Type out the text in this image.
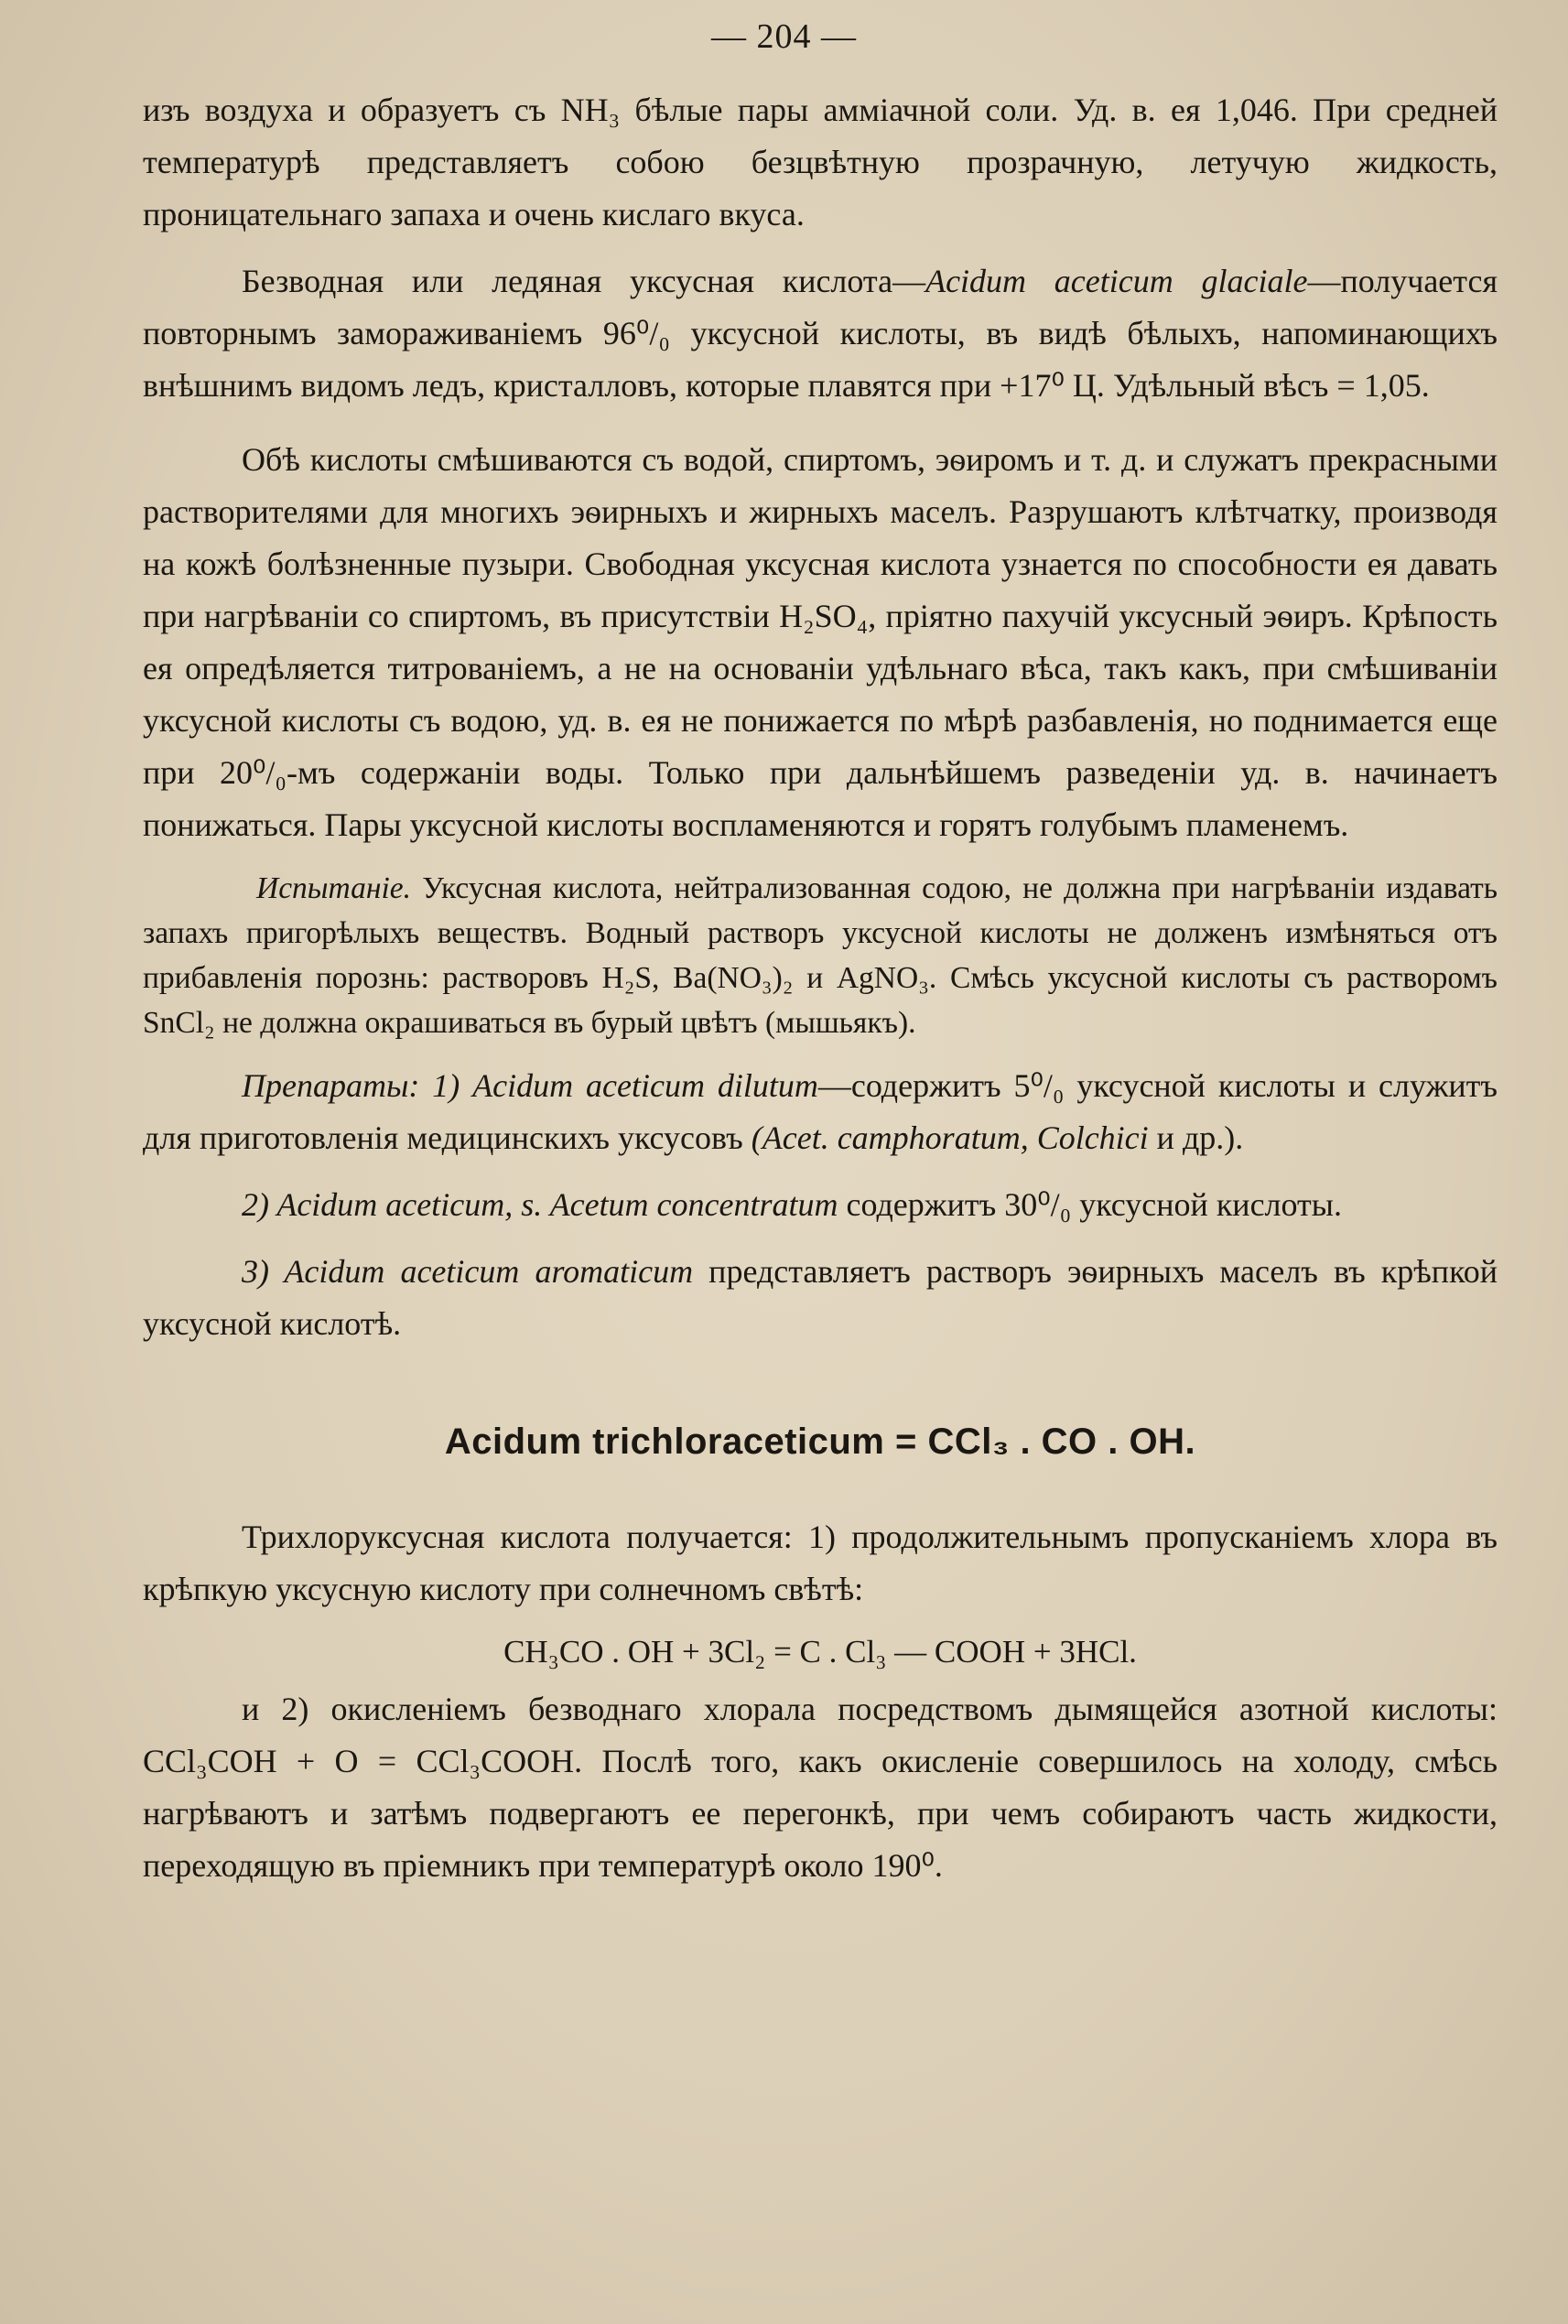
— 204 —

изъ воздуха и образуетъ съ NH₃ бѣлые пары амміачной соли. Уд. в. ея 1,046. При средней температурѣ представляетъ собою безцвѣтную прозрачную, летучую жидкость, проницательнаго запаха и очень кислаго вкуса.

Безводная или ледяная уксусная кислота—Acidum aceticum glaciale—получается повторнымъ замораживаніемъ 96⁰/₀ уксусной кислоты, въ видѣ бѣлыхъ, напоминающихъ внѣшнимъ видомъ ледъ, кристалловъ, которые плавятся при +17⁰ Ц. Удѣльный вѣсъ = 1,05.

Обѣ кислоты смѣшиваются съ водой, спиртомъ, эѳиромъ и т. д. и служатъ прекрасными растворителями для многихъ эѳирныхъ и жирныхъ маселъ. Разрушаютъ клѣтчатку, производя на кожѣ болѣзненные пузыри. Свободная уксусная кислота узнается по способности ея давать при нагрѣваніи со спиртомъ, въ присутствіи H₂SO₄, пріятно пахучій уксусный эѳиръ. Крѣпость ея опредѣляется титрованіемъ, а не на основаніи удѣльнаго вѣса, такъ какъ, при смѣшиваніи уксусной кислоты съ водою, уд. в. ея не понижается по мѣрѣ разбавленія, но поднимается еще при 20⁰/₀-мъ содержаніи воды. Только при дальнѣйшемъ разведеніи уд. в. начинаетъ понижаться. Пары уксусной кислоты воспламеняются и горятъ голубымъ пламенемъ.

Испытаніе. Уксусная кислота, нейтрализованная содою, не должна при нагрѣваніи издавать запахъ пригорѣлыхъ веществъ. Водный растворъ уксусной кислоты не долженъ измѣняться отъ прибавленія порознь: растворовъ H₂S, Ba(NO₃)₂ и AgNO₃. Смѣсь уксусной кислоты съ растворомъ SnCl₂ не должна окрашиваться въ бурый цвѣтъ (мышьякъ).

Препараты: 1) Acidum aceticum dilutum—содержитъ 5⁰/₀ уксусной кислоты и служитъ для приготовленія медицинскихъ уксусовъ (Acet. camphoratum, Colchici и др.).

2) Acidum aceticum, s. Acetum concentratum содержитъ 30⁰/₀ уксусной кислоты.

3) Acidum aceticum aromaticum представляетъ растворъ эѳирныхъ маселъ въ крѣпкой уксусной кислотѣ.

Acidum trichloraceticum = CCl₃ . CO . OH.

Трихлоруксусная кислота получается: 1) продолжительнымъ пропусканіемъ хлора въ крѣпкую уксусную кислоту при солнечномъ свѣтѣ:

CH₃CO . OH + 3Cl₂ = C . Cl₃ — COOH + 3HCl.

и 2) окисленіемъ безводнаго хлорала посредствомъ дымящейся азотной кислоты: CCl₃COH + O = CCl₃COOH. Послѣ того, какъ окисленіе совершилось на холоду, смѣсь нагрѣваютъ и затѣмъ подвергаютъ ее перегонкѣ, при чемъ собираютъ часть жидкости, переходящую въ пріемникъ при температурѣ около 190⁰.
